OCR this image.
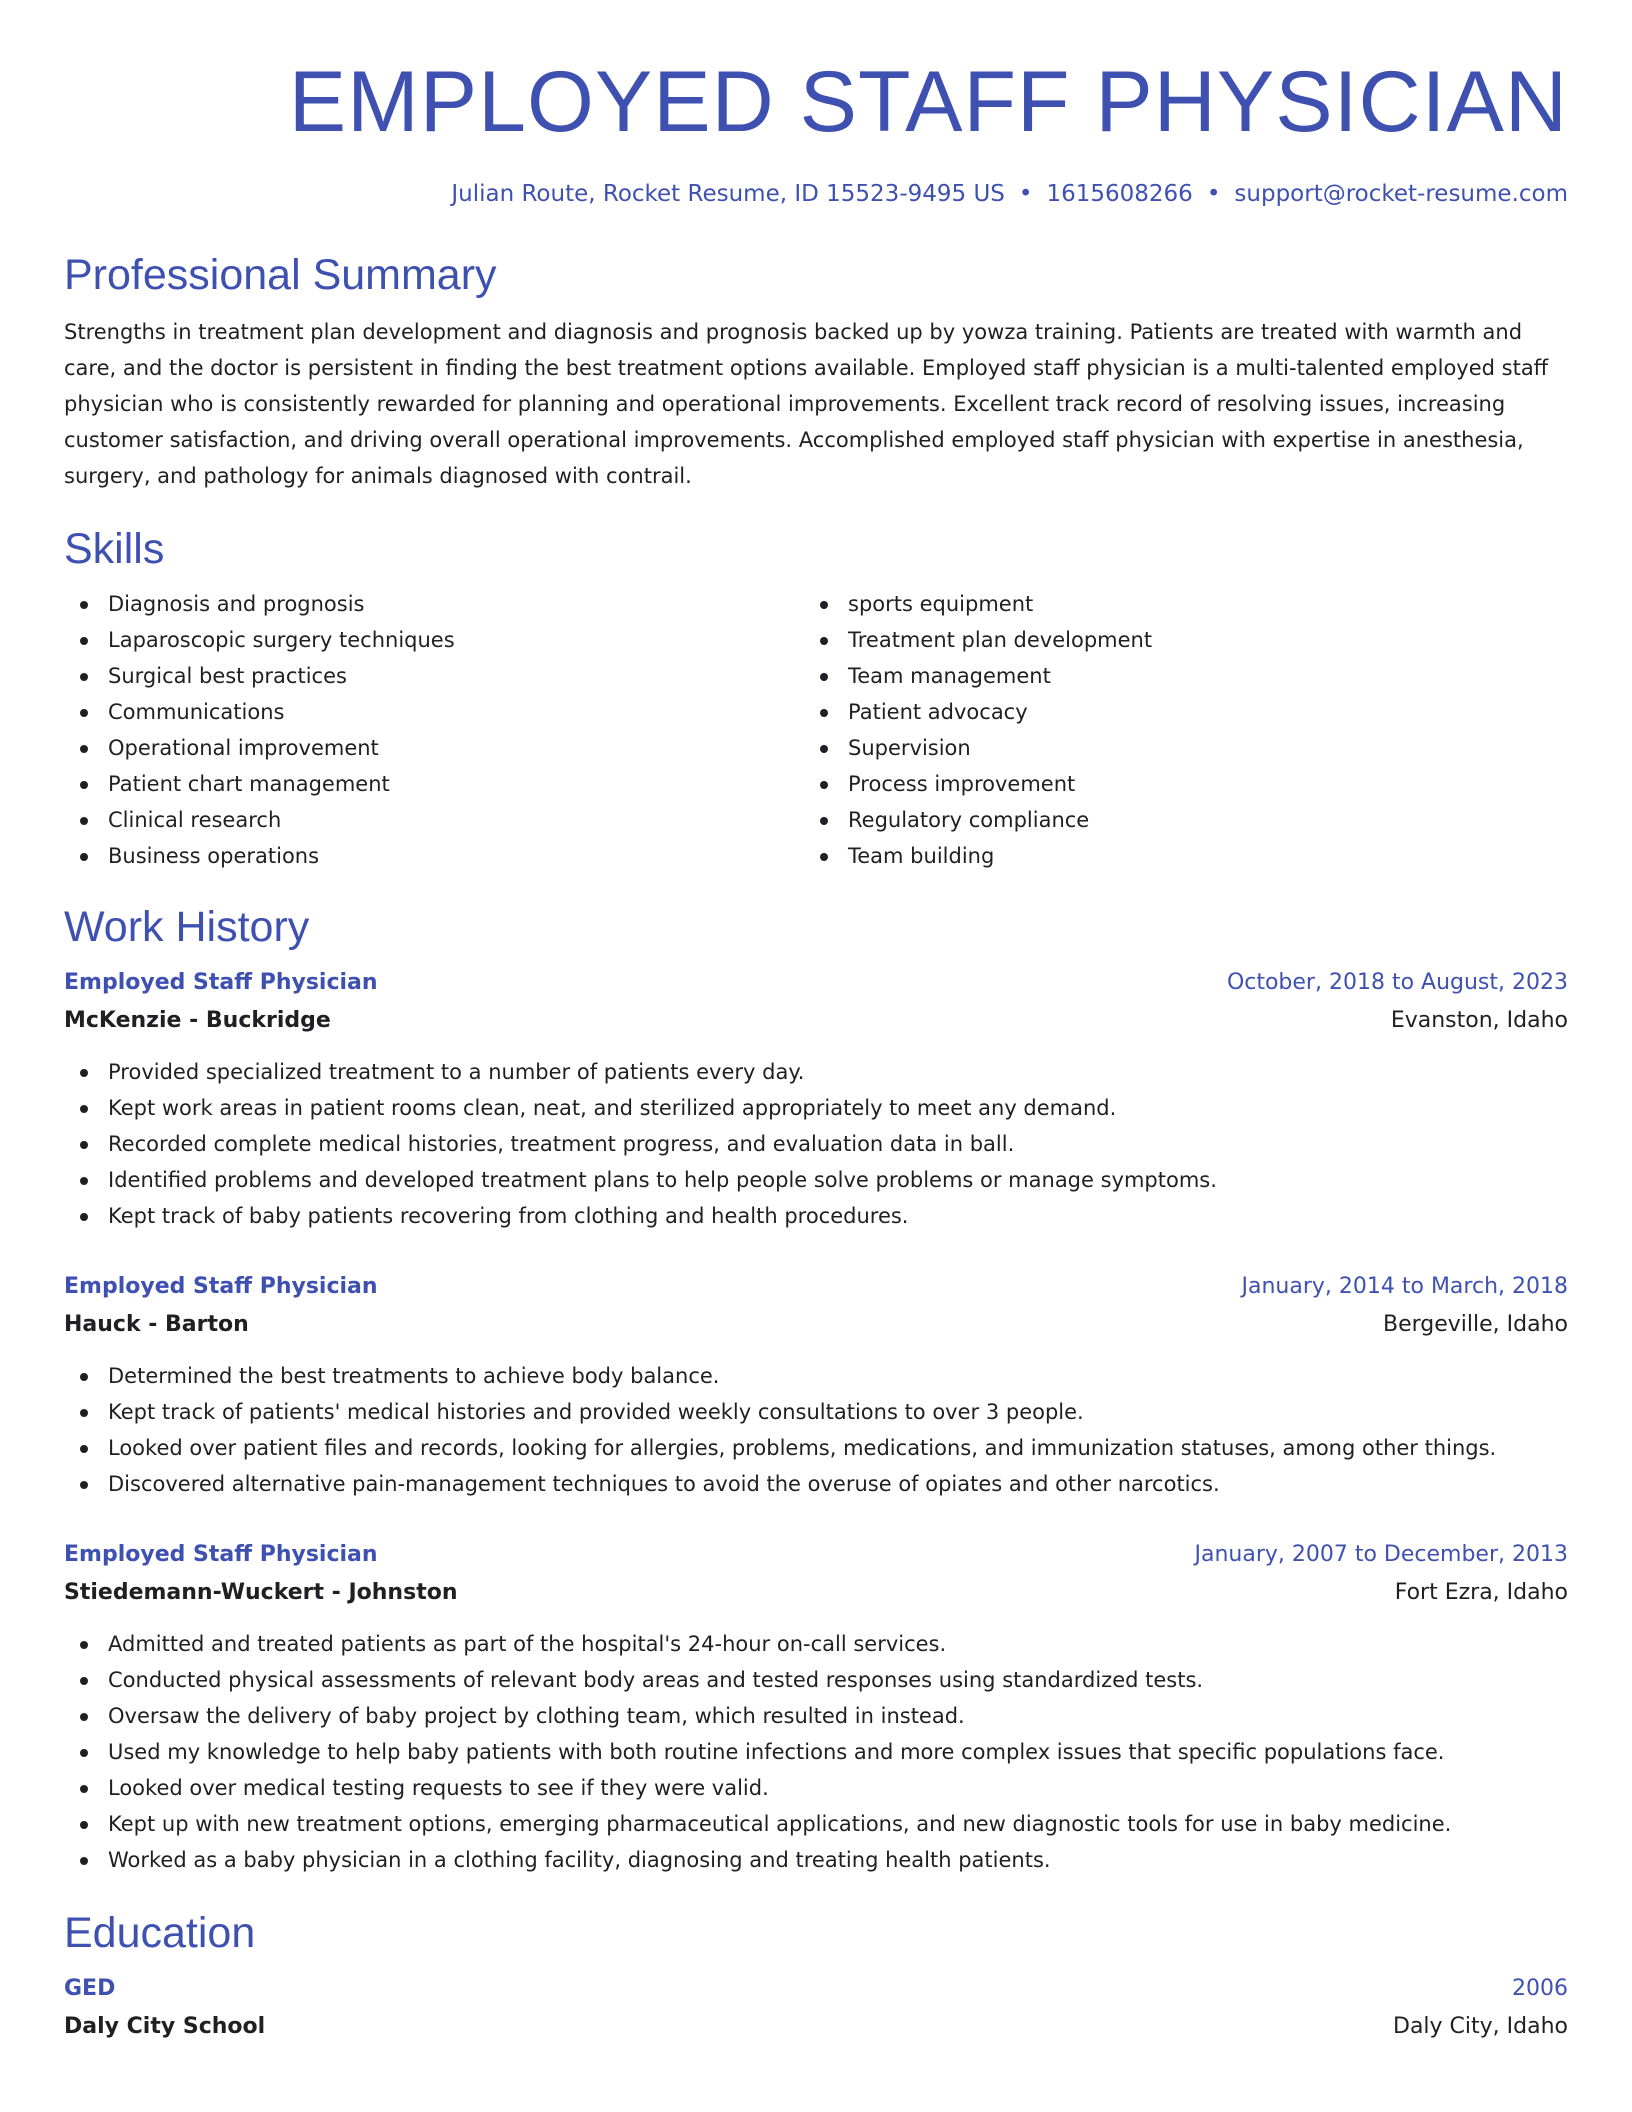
EMPLOYED STAFF PHYSICIAN
Julian Route, Rocket Resume, ID 15523-9495 US • 1615608266 • support@rocket-resume.com
Professional Summary
Strengths in treatment plan development and diagnosis and prognosis backed up by yowza training. Patients are treated with warmth and care, and the doctor is persistent in finding the best treatment options available. Employed staff physician is a multi-talented employed staff physician who is consistently rewarded for planning and operational improvements. Excellent track record of resolving issues, increasing customer satisfaction, and driving overall operational improvements. Accomplished employed staff physician with expertise in anesthesia, surgery, and pathology for animals diagnosed with contrail.
Skills
Diagnosis and prognosis
Laparoscopic surgery techniques
Surgical best practices
Communications
Operational improvement
Patient chart management
Clinical research
Business operations
sports equipment
Treatment plan development
Team management
Patient advocacy
Supervision
Process improvement
Regulatory compliance
Team building
Work History
Employed Staff Physician	October, 2018 to August, 2023
McKenzie - Buckridge	Evanston, Idaho
Provided specialized treatment to a number of patients every day.
Kept work areas in patient rooms clean, neat, and sterilized appropriately to meet any demand.
Recorded complete medical histories, treatment progress, and evaluation data in ball.
Identified problems and developed treatment plans to help people solve problems or manage symptoms.
Kept track of baby patients recovering from clothing and health procedures.
Employed Staff Physician	January, 2014 to March, 2018
Hauck - Barton	Bergeville, Idaho
Determined the best treatments to achieve body balance.
Kept track of patients' medical histories and provided weekly consultations to over 3 people.
Looked over patient files and records, looking for allergies, problems, medications, and immunization statuses, among other things.
Discovered alternative pain-management techniques to avoid the overuse of opiates and other narcotics.
Employed Staff Physician	January, 2007 to December, 2013
Stiedemann-Wuckert - Johnston	Fort Ezra, Idaho
Admitted and treated patients as part of the hospital's 24-hour on-call services.
Conducted physical assessments of relevant body areas and tested responses using standardized tests.
Oversaw the delivery of baby project by clothing team, which resulted in instead.
Used my knowledge to help baby patients with both routine infections and more complex issues that specific populations face.
Looked over medical testing requests to see if they were valid.
Kept up with new treatment options, emerging pharmaceutical applications, and new diagnostic tools for use in baby medicine.
Worked as a baby physician in a clothing facility, diagnosing and treating health patients.
Education
GED	2006
Daly City School	Daly City, Idaho
